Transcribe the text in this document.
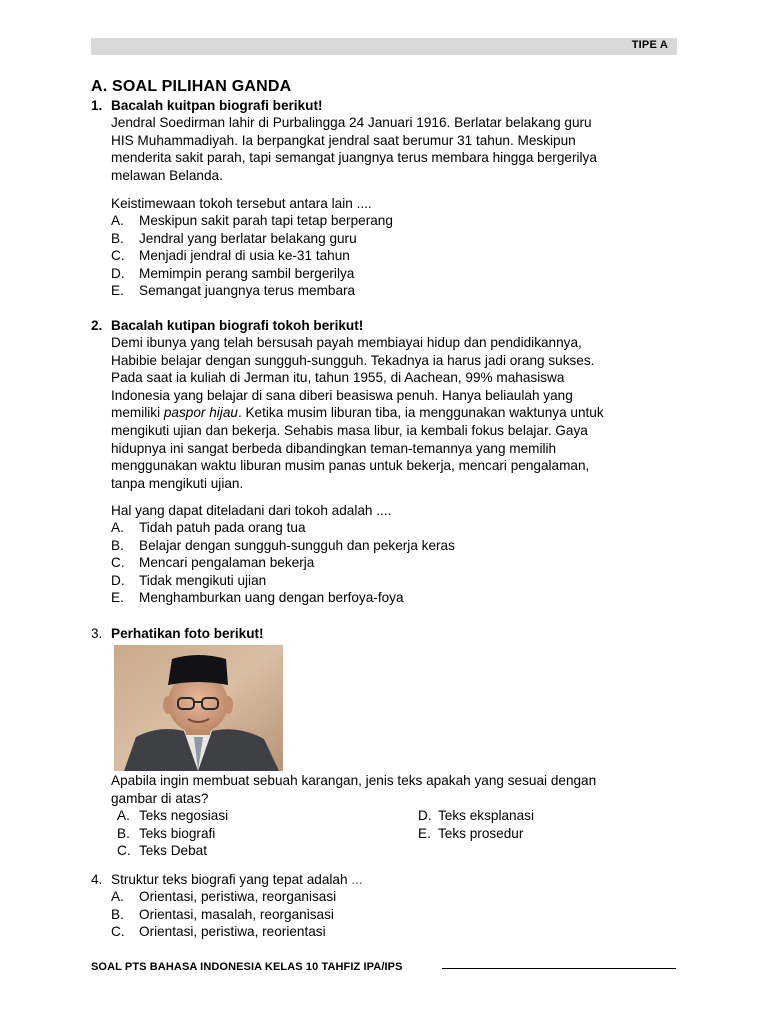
TIPE A
A. SOAL PILIHAN GANDA
1. Bacalah kuitpan biografi berikut!
Jendral Soedirman lahir di Purbalingga 24 Januari 1916. Berlatar belakang guru
HIS Muhammadiyah. Ia berpangkat jendral saat berumur 31 tahun. Meskipun
menderita sakit parah, tapi semangat juangnya terus membara hingga bergerilya
melawan Belanda.
Keistimewaan tokoh tersebut antara lain ....
A. Meskipun sakit parah tapi tetap berperang
B. Jendral yang berlatar belakang guru
C. Menjadi jendral di usia ke-31 tahun
D. Memimpin perang sambil bergerilya
E. Semangat juangnya terus membara
2. Bacalah kutipan biografi tokoh berikut!
Demi ibunya yang telah bersusah payah membiayai hidup dan pendidikannya,
Habibie belajar dengan sungguh-sungguh. Tekadnya ia harus jadi orang sukses.
Pada saat ia kuliah di Jerman itu, tahun 1955, di Aachean, 99% mahasiswa
Indonesia yang belajar di sana diberi beasiswa penuh. Hanya beliaulah yang
memiliki paspor hijau. Ketika musim liburan tiba, ia menggunakan waktunya untuk
mengikuti ujian dan bekerja. Sehabis masa libur, ia kembali fokus belajar. Gaya
hidupnya ini sangat berbeda dibandingkan teman-temannya yang memilih
menggunakan waktu liburan musim panas untuk bekerja, mencari pengalaman,
tanpa mengikuti ujian.
Hal yang dapat diteladani dari tokoh adalah ....
A. Tidah patuh pada orang tua
B. Belajar dengan sungguh-sungguh dan pekerja keras
C. Mencari pengalaman bekerja
D. Tidak mengikuti ujian
E. Menghamburkan uang dengan berfoya-foya
3. Perhatikan foto berikut!
Apabila ingin membuat sebuah karangan, jenis teks apakah yang sesuai dengan
gambar di atas?
A. Teks negosiasi
B. Teks biografi
C. Teks Debat
D. Teks eksplanasi
E. Teks prosedur
4. Struktur teks biografi yang tepat adalah ...
A. Orientasi, peristiwa, reorganisasi
B. Orientasi, masalah, reorganisasi
C. Orientasi, peristiwa, reorientasi
SOAL PTS BAHASA INDONESIA KELAS 10 TAHFIZ IPA/IPS
